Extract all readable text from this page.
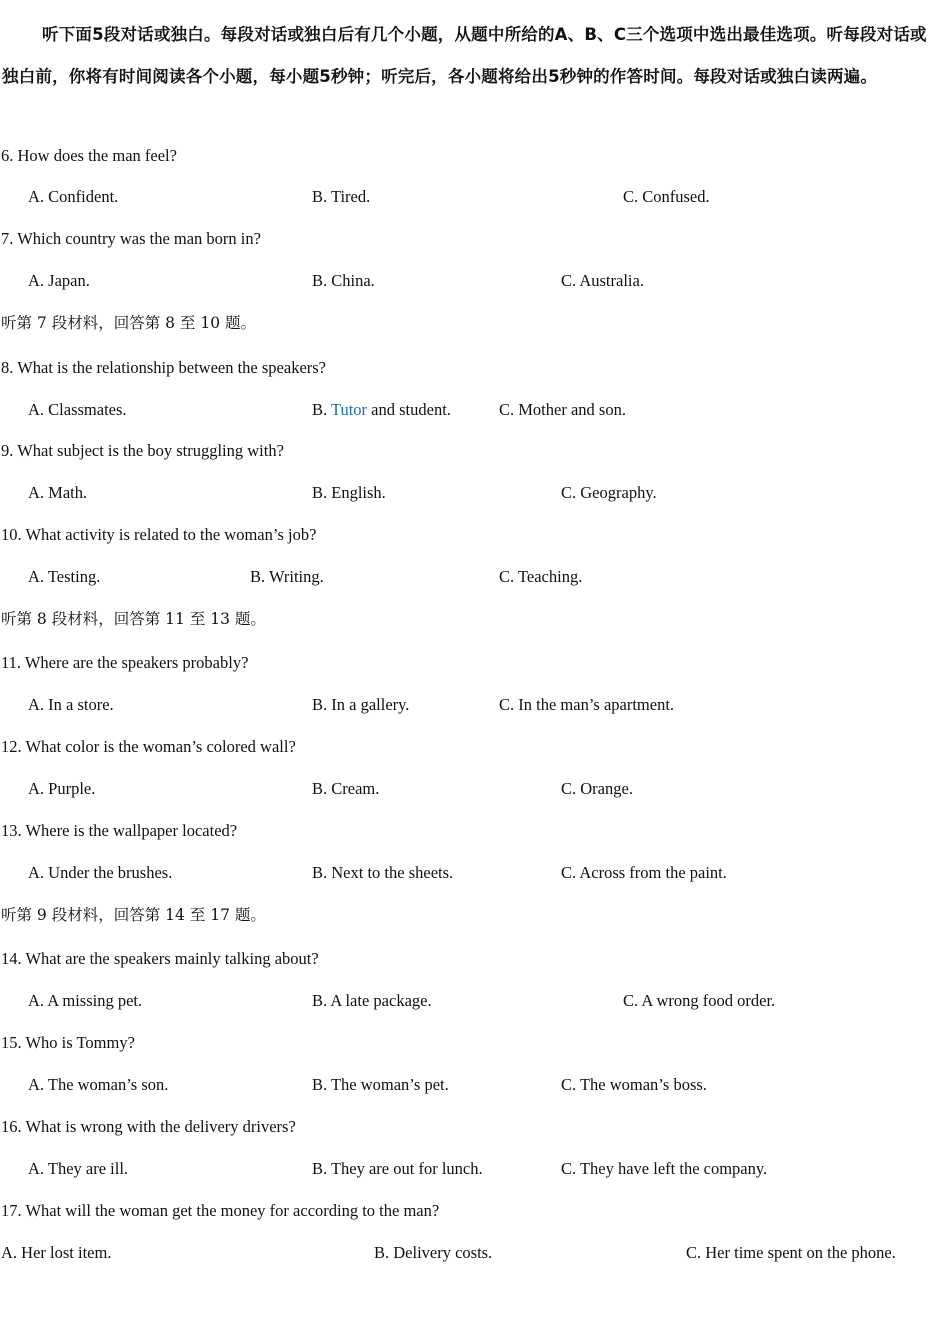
听下面5段对话或独白。每段对话或独白后有几个小题，从题中所给的A、B、C三个选项中选出最佳选项。听每段对话或独白前，你将有时间阅读各个小题，每小题5秒钟；听完后，各小题将给出5秒钟的作答时间。每段对话或独白读两遍。
6. How does the man feel?
A. Confident.	B. Tired.	C. Confused.
7. Which country was the man born in?
A. Japan.	B. China.	C. Australia.
听第 7 段材料，回答第 8 至 10 题。
8. What is the relationship between the speakers?
A. Classmates.	B. Tutor and student.	C. Mother and son.
9. What subject is the boy struggling with?
A. Math.	B. English.	C. Geography.
10. What activity is related to the woman’s job?
A. Testing.	B. Writing.	C. Teaching.
听第 8 段材料，回答第 11 至 13 题。
11. Where are the speakers probably?
A. In a store.	B. In a gallery.	C. In the man’s apartment.
12. What color is the woman’s colored wall?
A. Purple.	B. Cream.	C. Orange.
13. Where is the wallpaper located?
A. Under the brushes.	B. Next to the sheets.	C. Across from the paint.
听第 9 段材料，回答第 14 至 17 题。
14. What are the speakers mainly talking about?
A. A missing pet.	B. A late package.	C. A wrong food order.
15. Who is Tommy?
A. The woman’s son.	B. The woman’s pet.	C. The woman’s boss.
16. What is wrong with the delivery drivers?
A. They are ill.	B. They are out for lunch.	C. They have left the company.
17. What will the woman get the money for according to the man?
A. Her lost item.	B. Delivery costs.	C. Her time spent on the phone.
